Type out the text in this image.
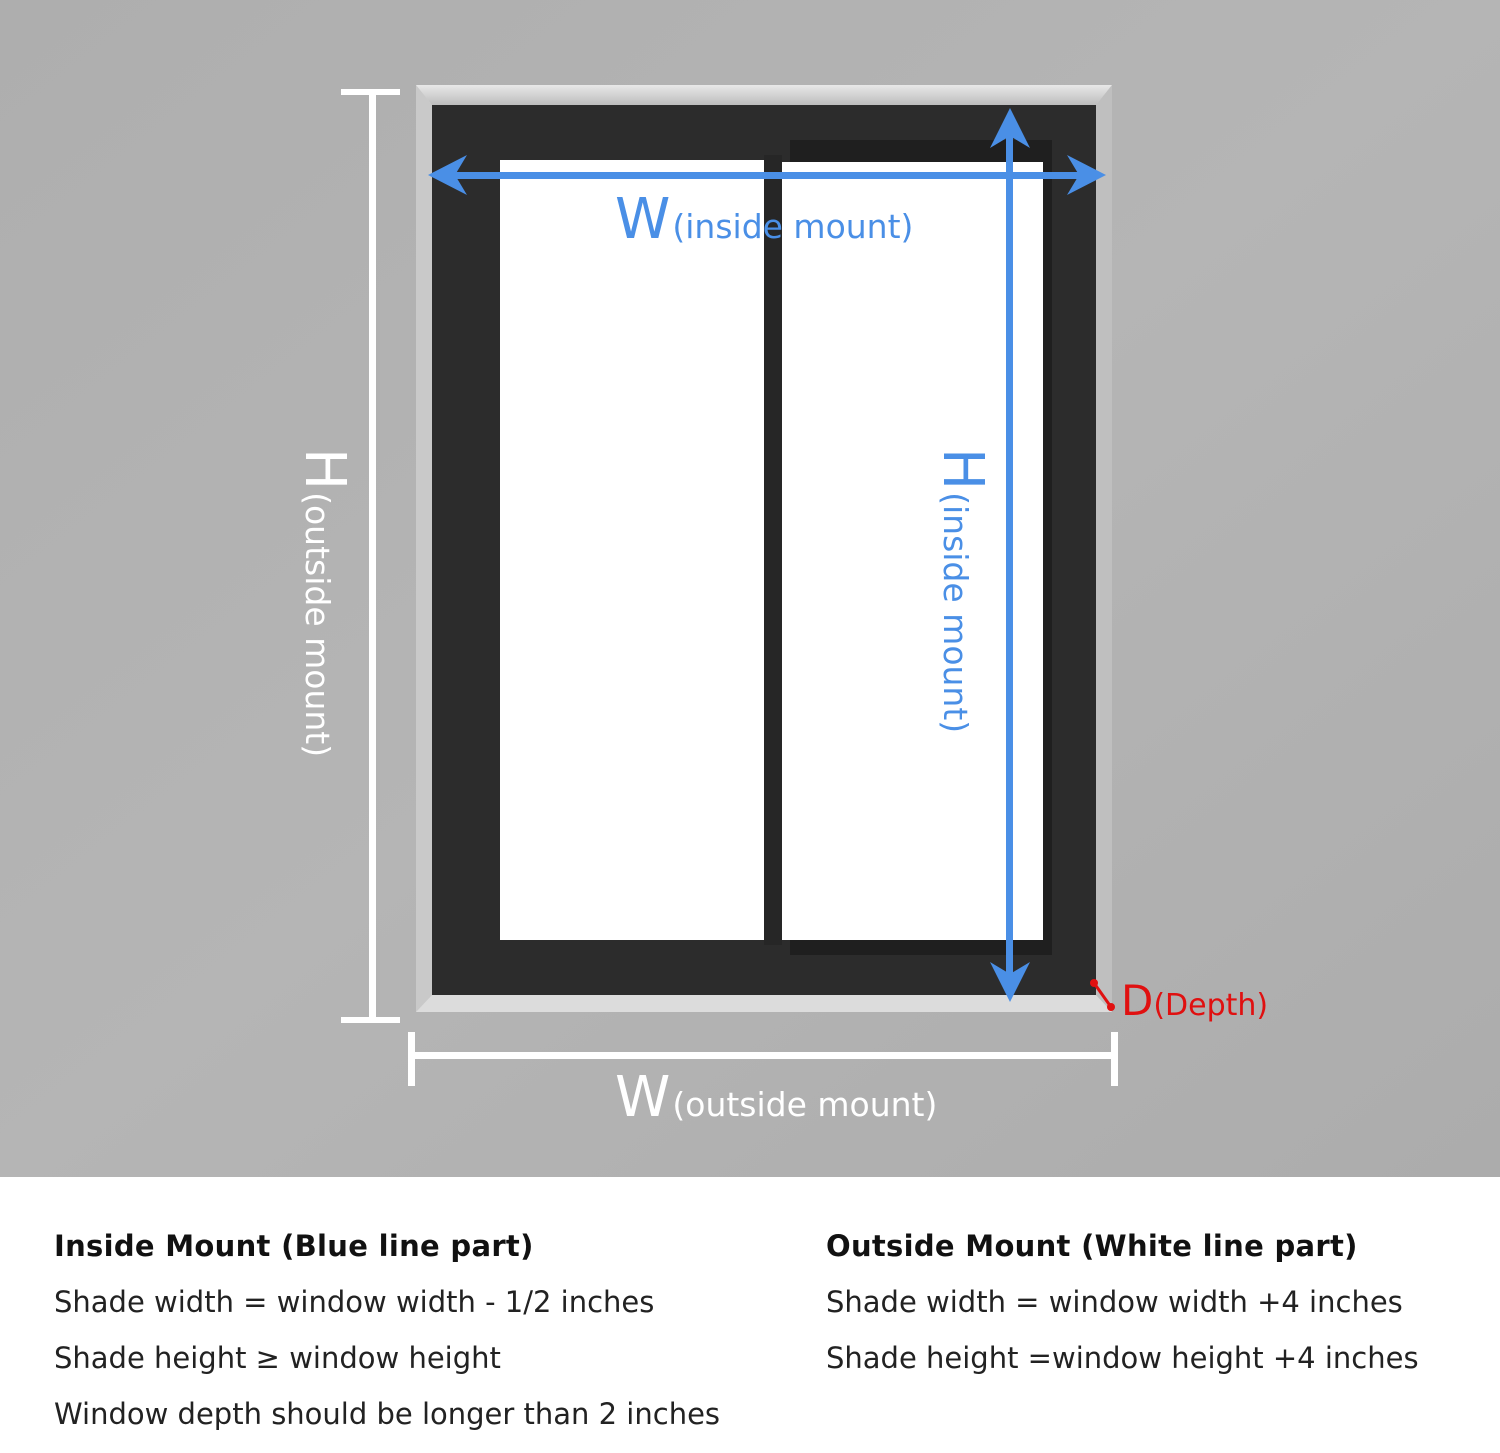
W(inside mount)
W(outside mount)
H(outside mount)
H(inside mount)
D(Depth)
Inside Mount (Blue line part)

Shade width = window width - 1/2 inches

Shade height ≥ window height

Window depth should be longer than 2 inches

Outside Mount (White line part)

Shade width = window width +4 inches

Shade height =window height +4 inches
